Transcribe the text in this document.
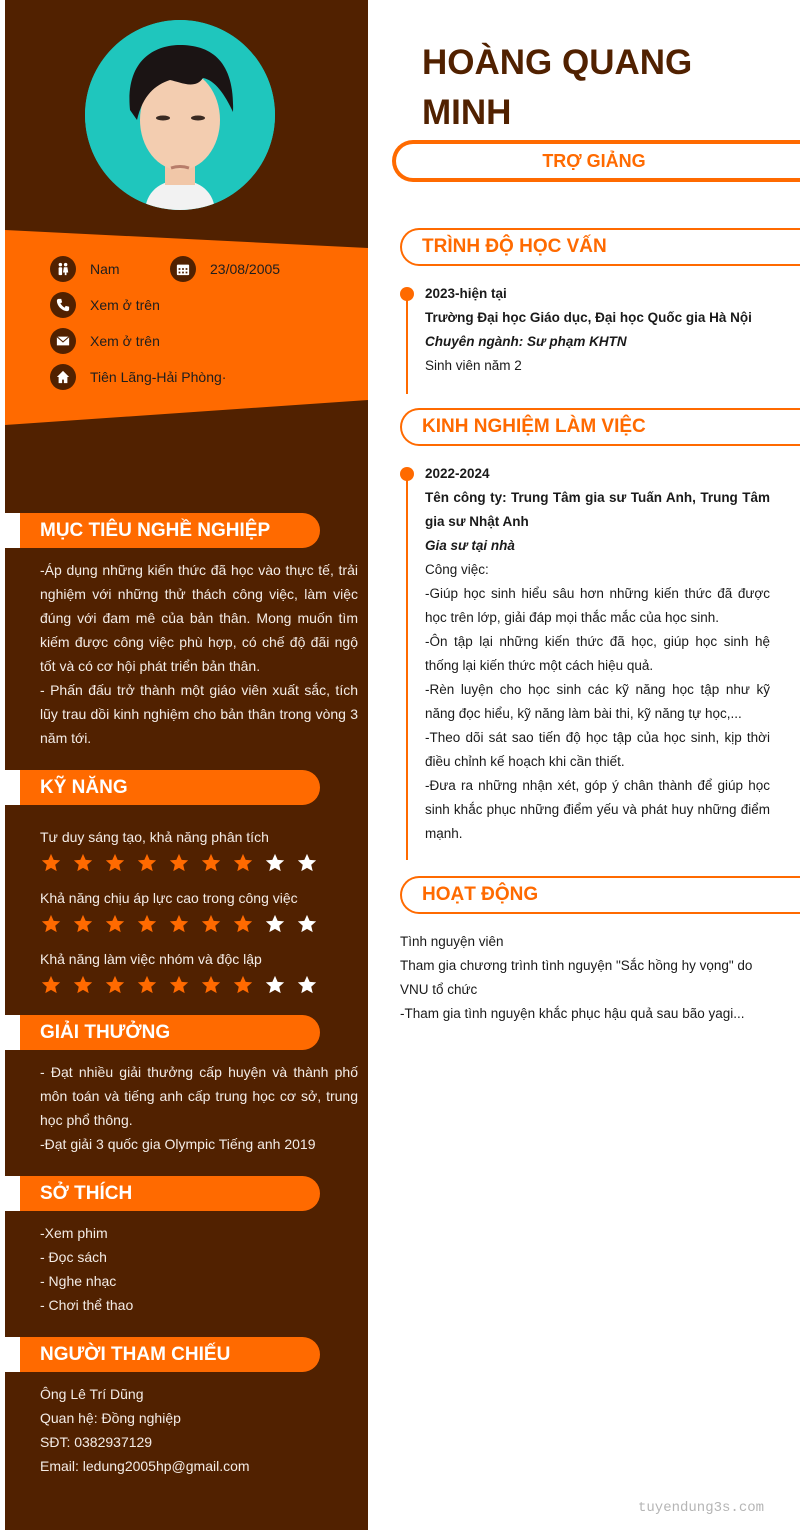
Nam	23/08/2005
Xem ở trên
Xem ở trên
Tiên Lãng-Hải Phòng·
MỤC TIÊU NGHỀ NGHIỆP

-Áp dụng những kiến thức đã học vào thực tế, trải nghiệm với những thử thách công việc, làm việc đúng với đam mê của bản thân. Mong muốn tìm kiếm được công việc phù hợp, có chế độ đãi ngộ tốt và có cơ hội phát triển bản thân.

- Phấn đấu trở thành một giáo viên xuất sắc, tích lũy trau dồi kinh nghiệm cho bản thân trong vòng 3 năm tới.

KỸ NĂNG
Tư duy sáng tạo, khả năng phân tích
Khả năng chịu áp lực cao trong công việc
Khả năng làm việc nhóm và độc lập
GIẢI THƯỞNG

- Đạt nhiều giải thưởng cấp huyện và thành phố môn toán và tiếng anh cấp trung học cơ sở, trung học phổ thông.

-Đạt giải 3 quốc gia Olympic Tiếng anh 2019

SỞ THÍCH

-Xem phim

- Đọc sách

- Nghe nhạc

- Chơi thể thao

NGƯỜI THAM CHIẾU

Ông Lê Trí Dũng

Quan hệ: Đồng nghiệp

SĐT: 0382937129

Email: ledung2005hp@gmail.com

HOÀNG QUANG
MINH
TRỢ GIẢNG
TRÌNH ĐỘ HỌC VẤN

2023-hiện tại

Trường Đại học Giáo dục, Đại học Quốc gia Hà Nội

Chuyên ngành: Sư phạm KHTN

Sinh viên năm 2

KINH NGHIỆM LÀM VIỆC

2022-2024

Tên công ty: Trung Tâm gia sư Tuấn Anh, Trung Tâm gia sư Nhật Anh

Gia sư tại nhà

Công việc:

-Giúp học sinh hiểu sâu hơn những kiến thức đã được học trên lớp, giải đáp mọi thắc mắc của học sinh.

-Ôn tập lại những kiến thức đã học, giúp học sinh hệ thống lại kiến thức một cách hiệu quả.

-Rèn luyện cho học sinh các kỹ năng học tập như kỹ năng đọc hiểu, kỹ năng làm bài thi, kỹ năng tự học,...

-Theo dõi sát sao tiến độ học tập của học sinh, kịp thời điều chỉnh kế hoạch khi cần thiết.

-Đưa ra những nhận xét, góp ý chân thành để giúp học sinh khắc phục những điểm yếu và phát huy những điểm mạnh.

HOẠT ĐỘNG

Tình nguyện viên

Tham gia chương trình tình nguyện "Sắc hồng hy vọng" do VNU tổ chức

-Tham gia tình nguyện khắc phục hậu quả sau bão yagi...

tuyendung3s.com
